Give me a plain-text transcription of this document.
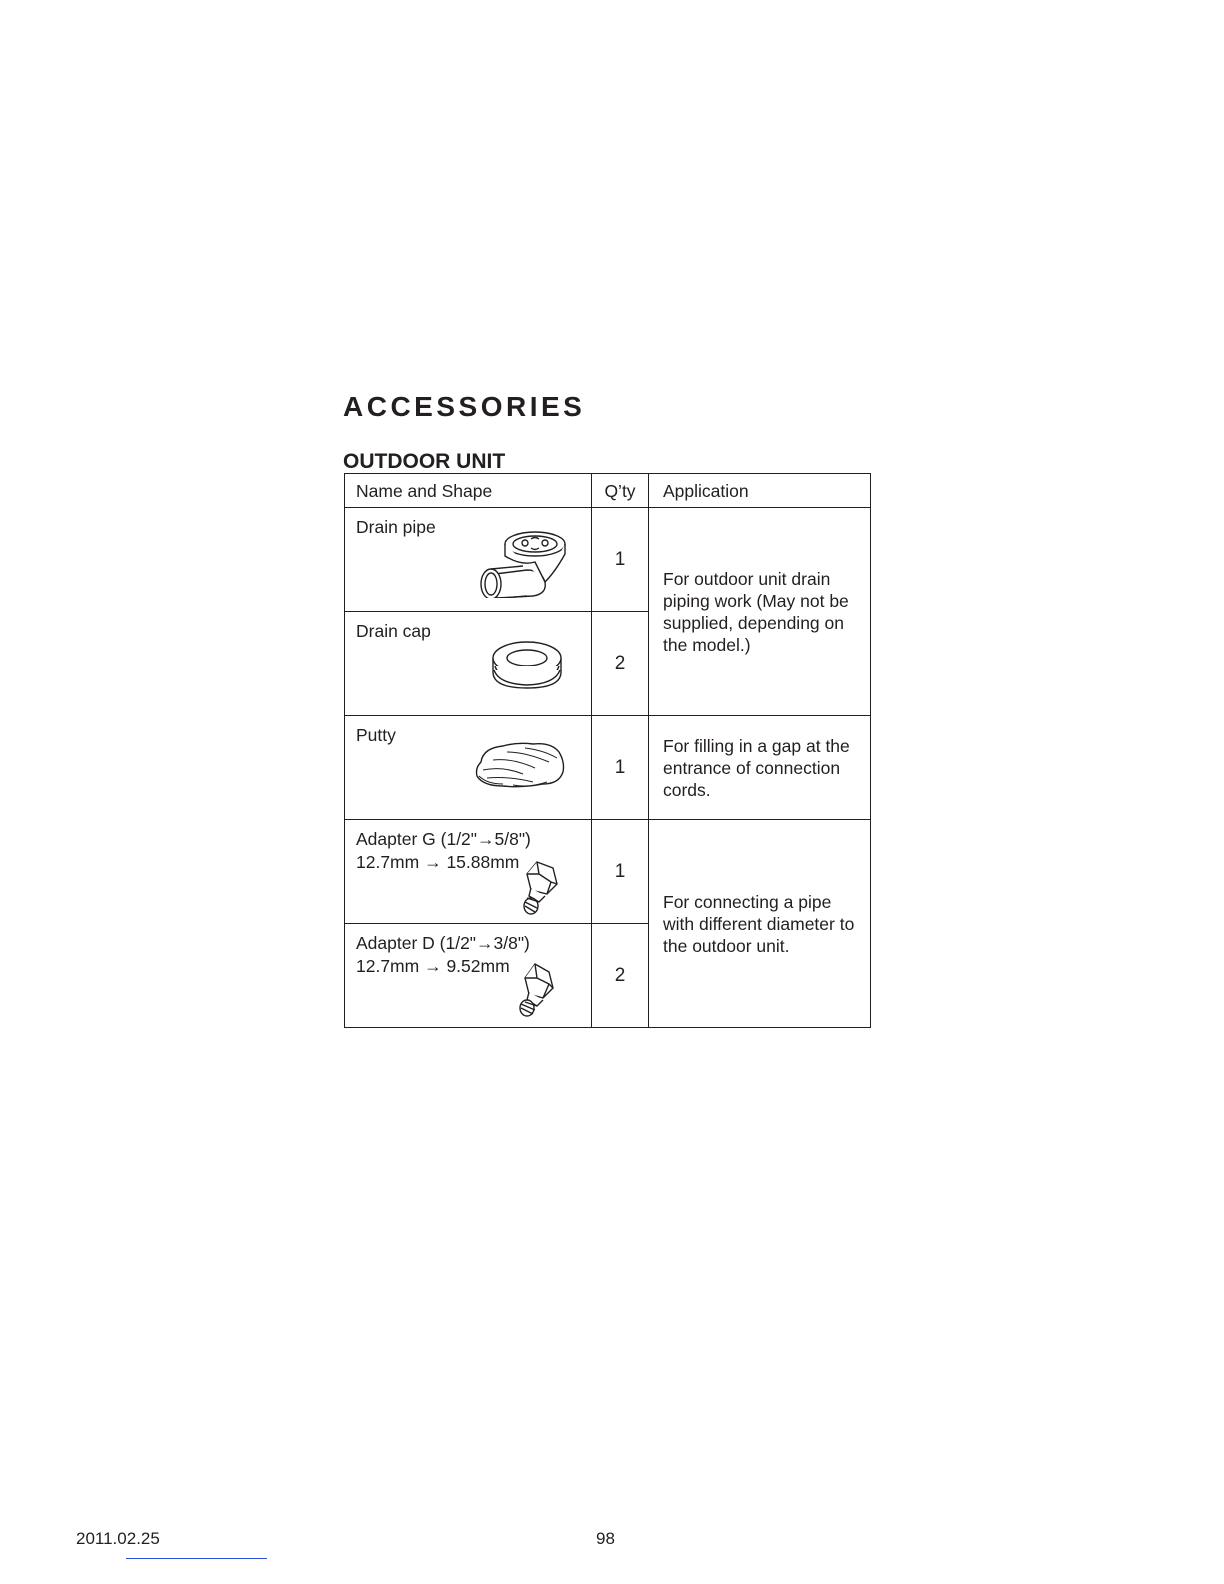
ACCESSORIES
OUTDOOR UNIT
Name and Shape	Q’ty	Application

Drain pipe	1	For outdoor unit drain piping work (May not be supplied, depending on the model.)

Drain cap	2	

Putty	1	For filling in a gap at the entrance of connection cords.

Adapter G (1/2"→5/8")
12.7mm → 15.88mm	1	For connecting a pipe with different diameter to the outdoor unit.

Adapter D (1/2"→3/8")
12.7mm → 9.52mm	2	
2011.02.25	98
